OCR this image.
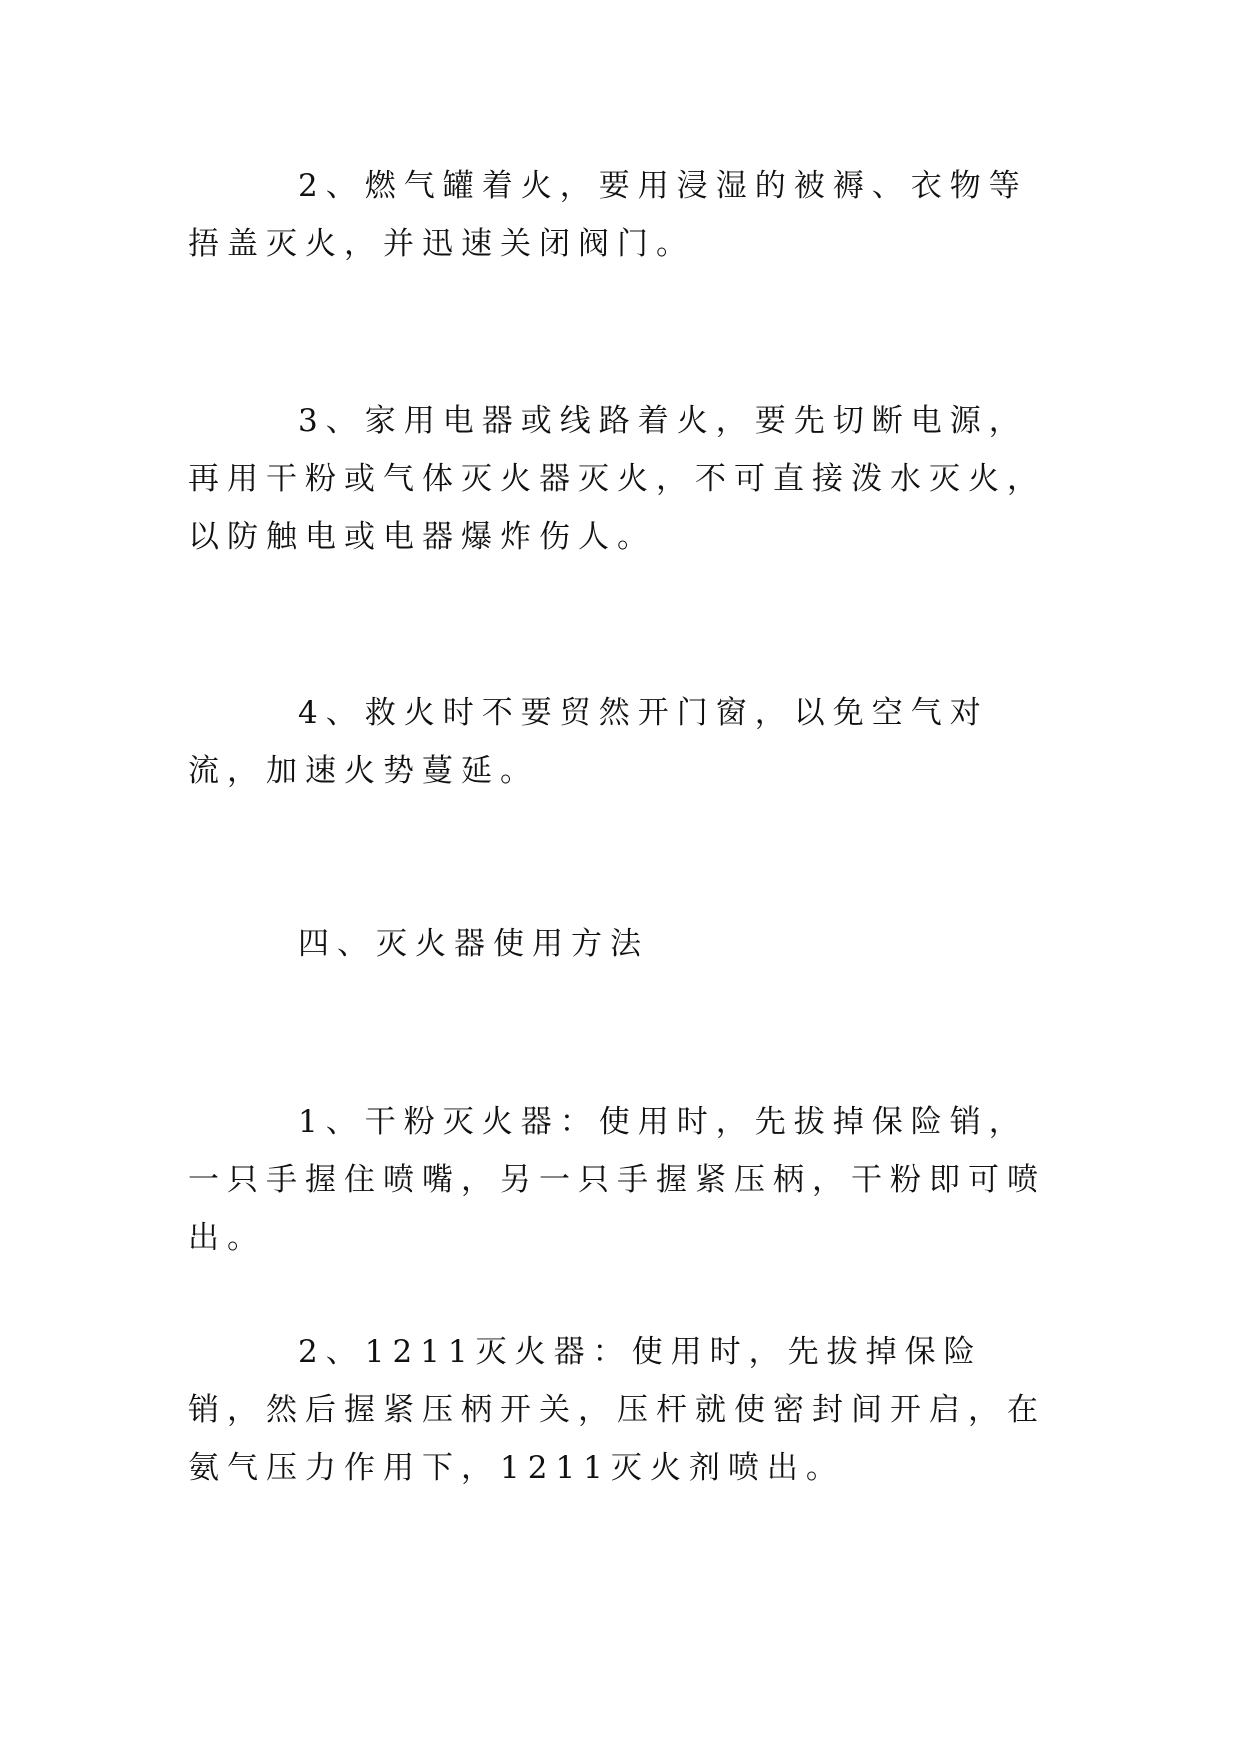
2、燃气罐着火，要用浸湿的被褥、衣物等捂盖灭火，并迅速关闭阀门。

3、家用电器或线路着火，要先切断电源，再用干粉或气体灭火器灭火，不可直接泼水灭火，以防触电或电器爆炸伤人。

4、救火时不要贸然开门窗，以免空气对流，加速火势蔓延。

四、灭火器使用方法

1、干粉灭火器：使用时，先拔掉保险销，一只手握住喷嘴，另一只手握紧压柄，干粉即可喷出。

2、1211灭火器：使用时，先拔掉保险销，然后握紧压柄开关，压杆就使密封间开启，在氨气压力作用下，1211灭火剂喷出。
